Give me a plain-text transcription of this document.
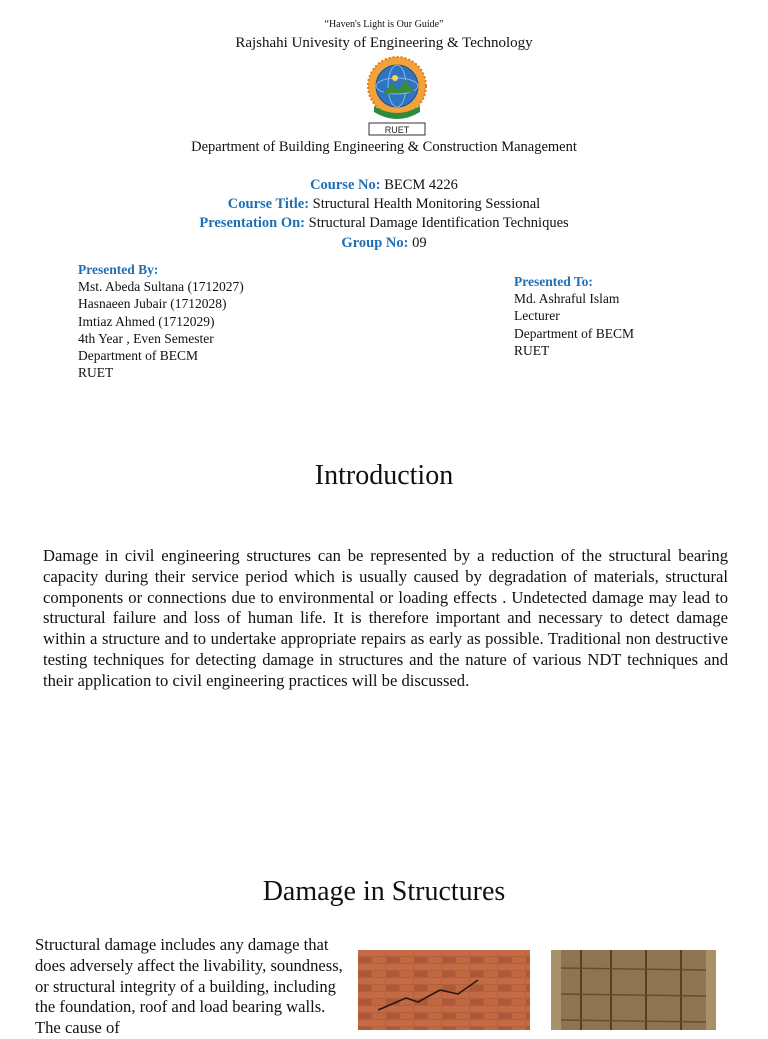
“Haven's Light is Our Guide”
Rajshahi Univesity of Engineering & Technology
RUET
Department of Building Engineering & Construction Management
Course No: BECM 4226
Course Title: Structural Health Monitoring Sessional
Presentation On: Structural Damage Identification Techniques
Group No: 09
Presented By:
Mst. Abeda Sultana (1712027)
Hasnaeen Jubair (1712028)
Imtiaz Ahmed (1712029)
4th Year , Even Semester
Department of BECM
RUET
Presented To:
Md. Ashraful Islam
Lecturer
Department of BECM
RUET
Introduction
Damage in civil engineering structures can be represented by a reduction of the structural bearing capacity during their service period which is usually caused by degradation of materials, structural components or connections due to environmental or loading effects . Undetected damage may lead to structural failure and loss of human life. It is therefore important and necessary to detect damage within a structure and to undertake appropriate repairs as early as possible. Traditional non destructive testing techniques for detecting damage in structures and the nature of various NDT techniques and their application to civil engineering practices will be discussed.
Damage in Structures
Structural damage includes any damage that does adversely affect the livability, soundness, or structural integrity of a building, including the foundation, roof and load bearing walls. The cause of
